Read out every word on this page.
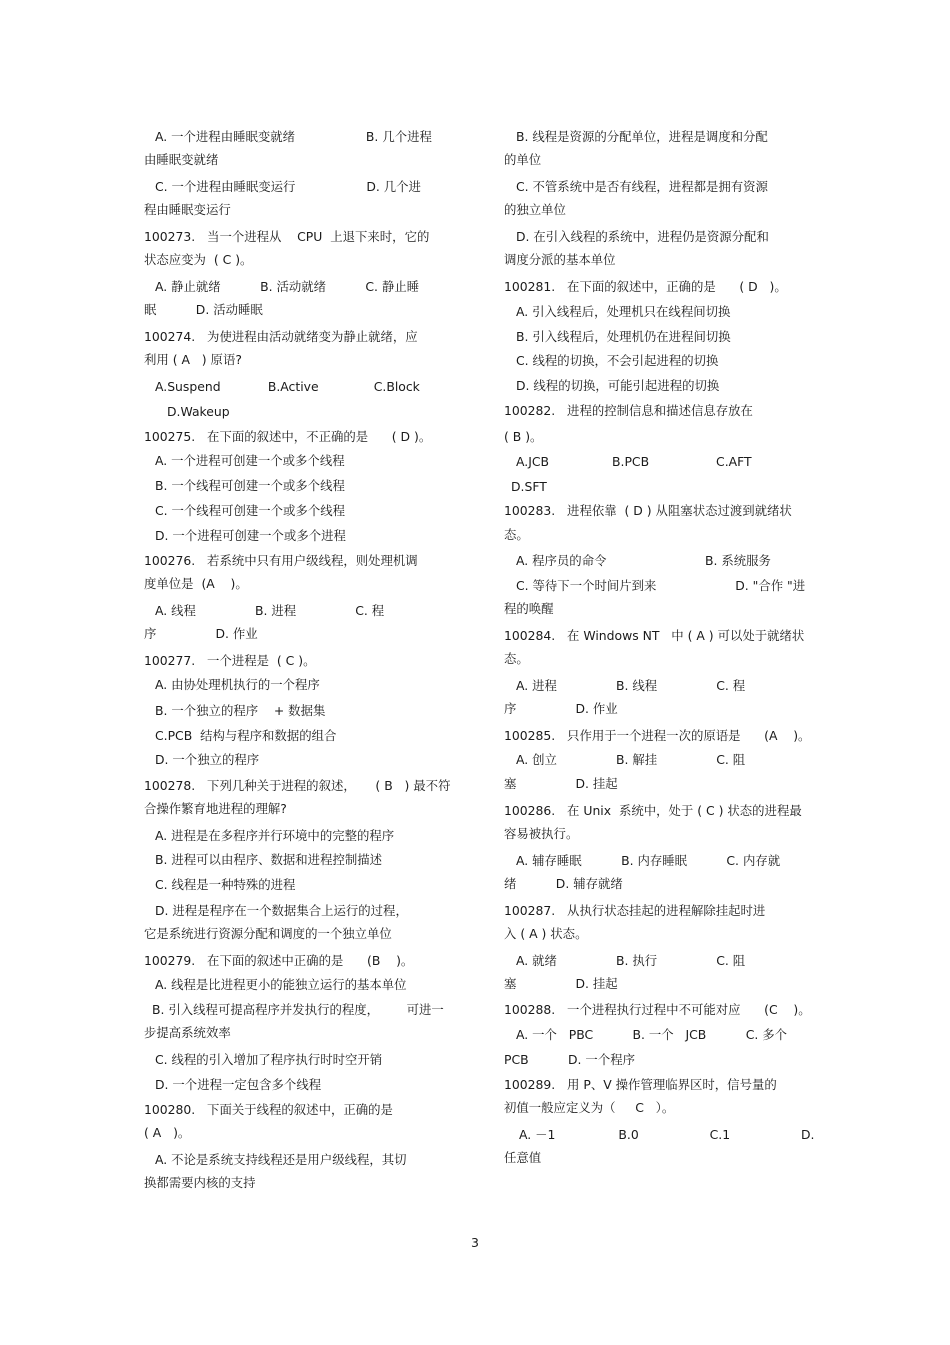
A. 一个进程由睡眠变就绪                  B. 几个进程
由睡眠变就绪
C. 一个进程由睡眠变运行                  D. 几个进
程由睡眠变运行
100273.   当一个进程从    CPU  上退下来时，它的
状态应变为  ( C )。
A. 静止就绪          B. 活动就绪          C. 静止睡
眠          D. 活动睡眠
100274.   为使进程由活动就绪变为静止就绪，应
利用 ( A   ) 原语?
A.Suspend            B.Active              C.Block
D.Wakeup
100275.   在下面的叙述中，不正确的是      ( D )。
A. 一个进程可创建一个或多个线程
B. 一个线程可创建一个或多个线程
C. 一个线程可创建一个或多个线程
D. 一个进程可创建一个或多个进程
100276.   若系统中只有用户级线程，则处理机调
度单位是  (A    )。
A. 线程               B. 进程               C. 程
序               D. 作业
100277.   一个进程是  ( C )。
A. 由协处理机执行的一个程序
B. 一个独立的程序    + 数据集
C.PCB  结构与程序和数据的组合
D. 一个独立的程序
100278.   下列几种关于进程的叙述，     ( B   ) 最不符
合操作繁育地进程的理解?
A. 进程是在多程序并行环境中的完整的程序
B. 进程可以由程序、数据和进程控制描述
C. 线程是一种特殊的进程
D. 进程是程序在一个数据集合上运行的过程，
它是系统进行资源分配和调度的一个独立单位
100279.   在下面的叙述中正确的是      (B    )。
A. 线程是比进程更小的能独立运行的基本单位
B. 引入线程可提高程序并发执行的程度，       可进一
步提高系统效率
C. 线程的引入增加了程序执行时时空开销
D. 一个进程一定包含多个线程
100280.   下面关于线程的叙述中，正确的是
( A   )。
A. 不论是系统支持线程还是用户级线程，其切
换都需要内核的支持
B. 线程是资源的分配单位，进程是调度和分配
的单位
C. 不管系统中是否有线程，进程都是拥有资源
的独立单位
D. 在引入线程的系统中，进程仍是资源分配和
调度分派的基本单位
100281.   在下面的叙述中，正确的是      ( D   )。
A. 引入线程后，处理机只在线程间切换
B. 引入线程后，处理机仍在进程间切换
C. 线程的切换，不会引起进程的切换
D. 线程的切换，可能引起进程的切换
100282.   进程的控制信息和描述信息存放在
( B )。
A.JCB                B.PCB                 C.AFT
D.SFT
100283.   进程依靠  ( D ) 从阻塞状态过渡到就绪状
态。
A. 程序员的命令                         B. 系统服务
C. 等待下一个时间片到来                    D. "合作 "进
程的唤醒
100284.   在 Windows NT   中 ( A ) 可以处于就绪状
态。
A. 进程               B. 线程               C. 程
序               D. 作业
100285.   只作用于一个进程一次的原语是      (A    )。
A. 创立               B. 解挂               C. 阻
塞               D. 挂起
100286.   在 Unix  系统中，处于 ( C ) 状态的进程最
容易被执行。
A. 辅存睡眠          B. 内存睡眠          C. 内存就
绪          D. 辅存就绪
100287.   从执行状态挂起的进程解除挂起时进
入 ( A ) 状态。
A. 就绪               B. 执行               C. 阻
塞               D. 挂起
100288.   一个进程执行过程中不可能对应      (C    )。
A. 一个   PBC          B. 一个   JCB          C. 多个
PCB          D. 一个程序
100289.   用 P、V 操作管理临界区时，信号量的
初值一般应定义为（     C   ）。
A. －1                B.0                  C.1                  D.
任意值
3
